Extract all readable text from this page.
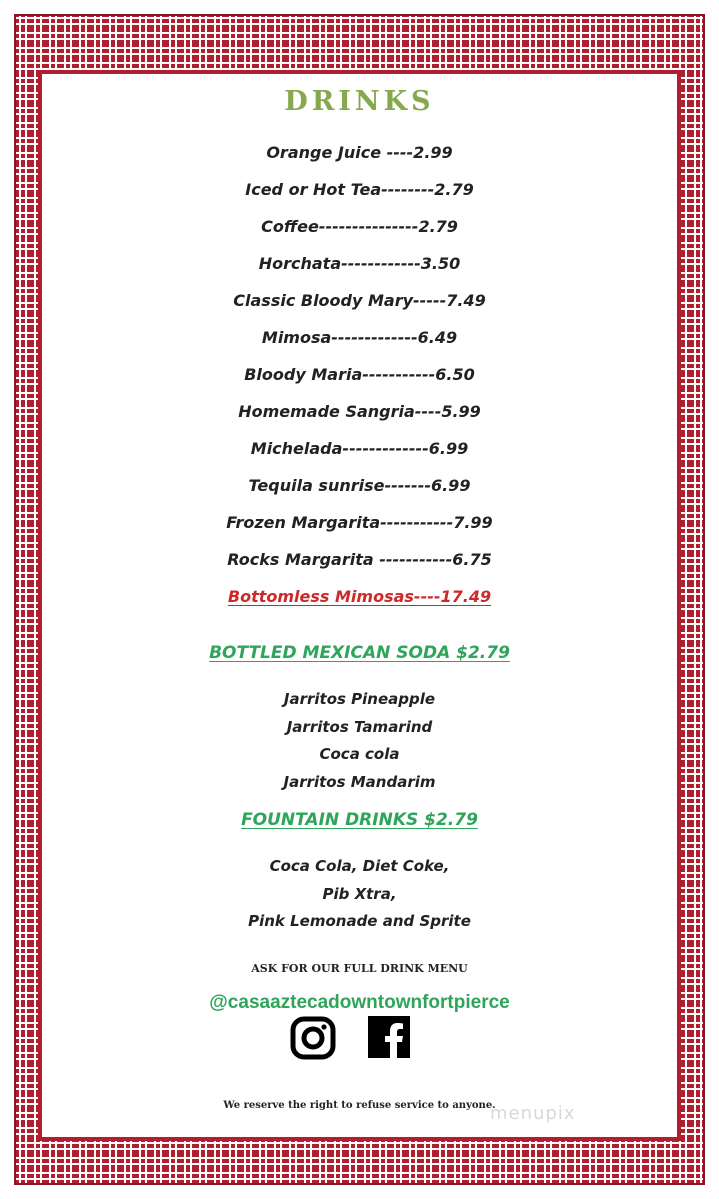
DRINKS
Orange Juice ----2.99
Iced or Hot Tea--------2.79
Coffee---------------2.79
Horchata------------3.50
Classic Bloody Mary-----7.49
Mimosa-------------6.49
Bloody Maria-----------6.50
Homemade Sangria----5.99
Michelada-------------6.99
Tequila sunrise-------6.99
Frozen Margarita-----------7.99
Rocks Margarita -----------6.75
Bottomless Mimosas----17.49
BOTTLED MEXICAN SODA $2.79
Jarritos Pineapple
Jarritos Tamarind
Coca cola
Jarritos Mandarim
FOUNTAIN DRINKS $2.79
Coca Cola, Diet Coke,
Pib Xtra,
Pink Lemonade and Sprite
ASK FOR OUR FULL DRINK MENU
@casaaztecadowntownfortpierce
We reserve the right to refuse service to anyone.
menupix
